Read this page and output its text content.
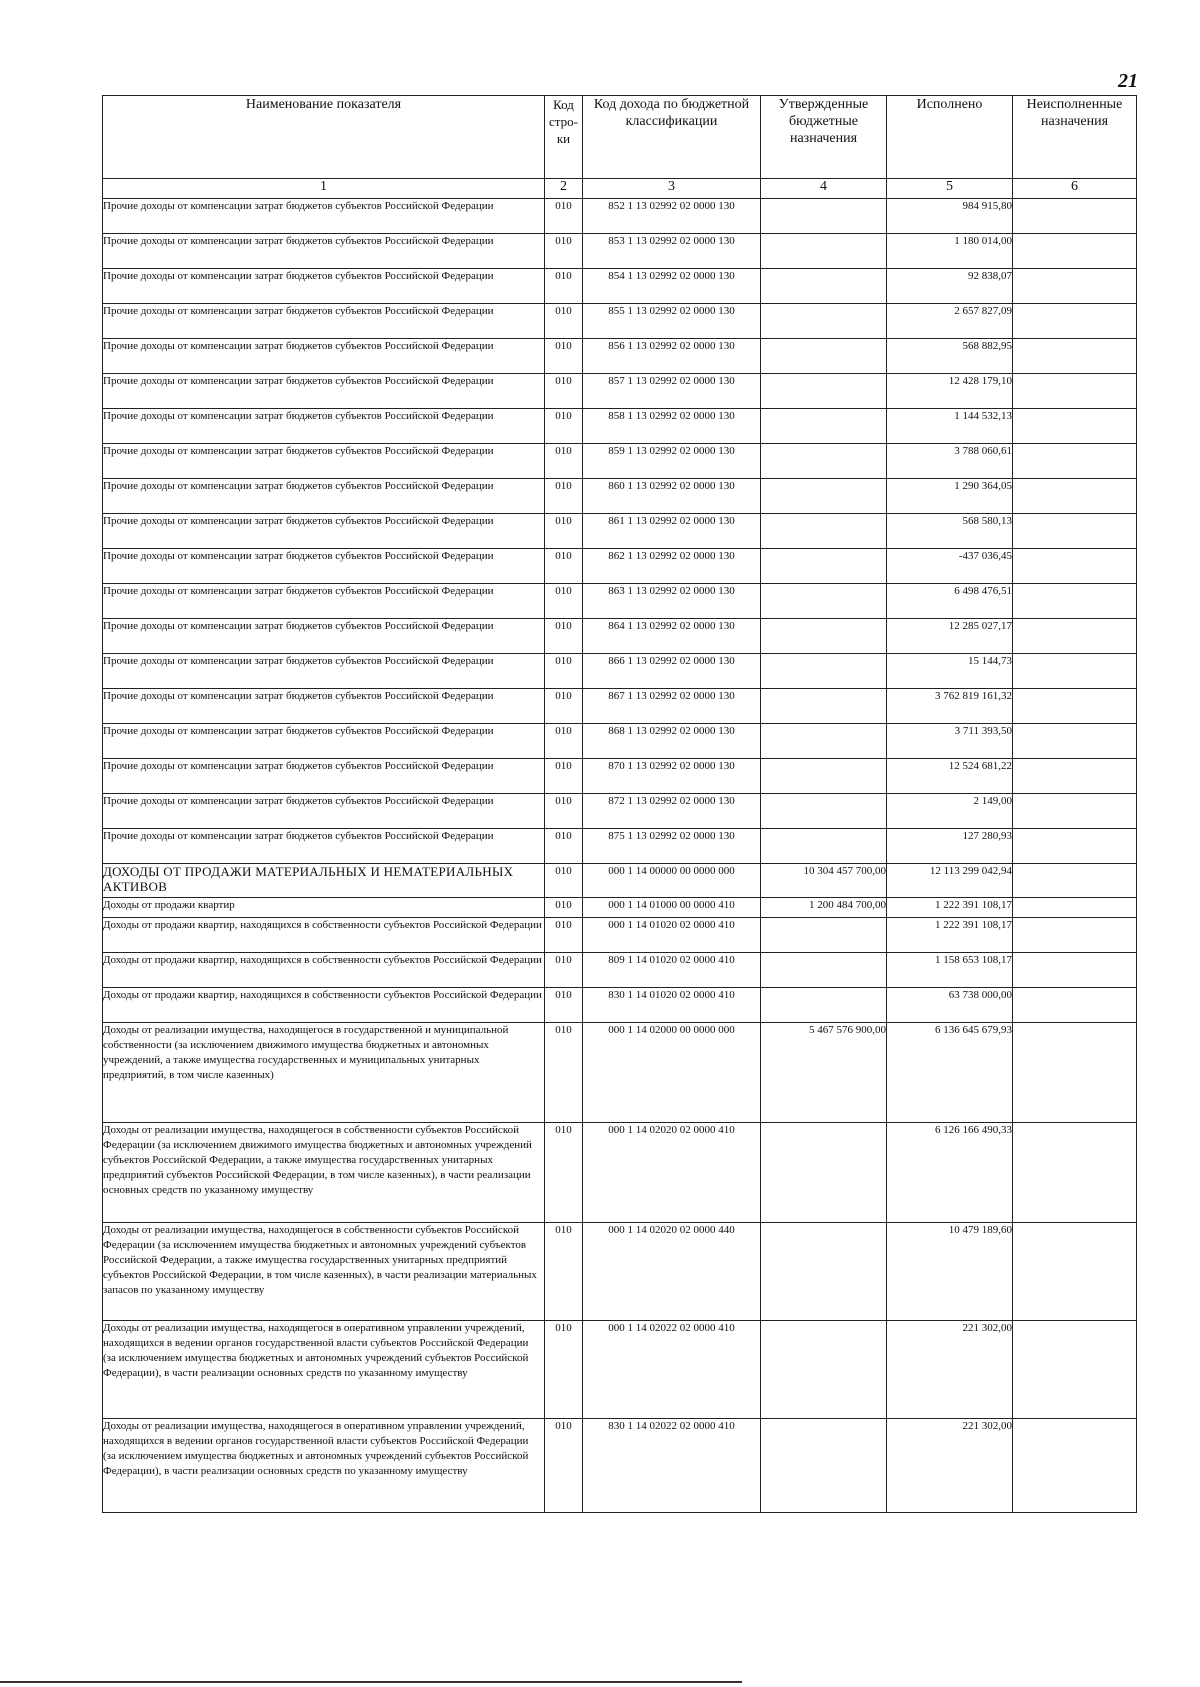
21
Наименование показателя	Код стро-ки	Код дохода по бюджетной классификации	Утвержденные бюджетные назначения	Исполнено	Неисполненные назначения
1	2	3	4	5	6
Прочие доходы от компенсации затрат бюджетов субъектов Российской Федерации	010	852 1 13 02992 02 0000 130		984 915,80	
Прочие доходы от компенсации затрат бюджетов субъектов Российской Федерации	010	853 1 13 02992 02 0000 130		1 180 014,00	
Прочие доходы от компенсации затрат бюджетов субъектов Российской Федерации	010	854 1 13 02992 02 0000 130		92 838,07	
Прочие доходы от компенсации затрат бюджетов субъектов Российской Федерации	010	855 1 13 02992 02 0000 130		2 657 827,09	
Прочие доходы от компенсации затрат бюджетов субъектов Российской Федерации	010	856 1 13 02992 02 0000 130		568 882,95	
Прочие доходы от компенсации затрат бюджетов субъектов Российской Федерации	010	857 1 13 02992 02 0000 130		12 428 179,10	
Прочие доходы от компенсации затрат бюджетов субъектов Российской Федерации	010	858 1 13 02992 02 0000 130		1 144 532,13	
Прочие доходы от компенсации затрат бюджетов субъектов Российской Федерации	010	859 1 13 02992 02 0000 130		3 788 060,61	
Прочие доходы от компенсации затрат бюджетов субъектов Российской Федерации	010	860 1 13 02992 02 0000 130		1 290 364,05	
Прочие доходы от компенсации затрат бюджетов субъектов Российской Федерации	010	861 1 13 02992 02 0000 130		568 580,13	
Прочие доходы от компенсации затрат бюджетов субъектов Российской Федерации	010	862 1 13 02992 02 0000 130		-437 036,45	
Прочие доходы от компенсации затрат бюджетов субъектов Российской Федерации	010	863 1 13 02992 02 0000 130		6 498 476,51	
Прочие доходы от компенсации затрат бюджетов субъектов Российской Федерации	010	864 1 13 02992 02 0000 130		12 285 027,17	
Прочие доходы от компенсации затрат бюджетов субъектов Российской Федерации	010	866 1 13 02992 02 0000 130		15 144,73	
Прочие доходы от компенсации затрат бюджетов субъектов Российской Федерации	010	867 1 13 02992 02 0000 130		3 762 819 161,32	
Прочие доходы от компенсации затрат бюджетов субъектов Российской Федерации	010	868 1 13 02992 02 0000 130		3 711 393,50	
Прочие доходы от компенсации затрат бюджетов субъектов Российской Федерации	010	870 1 13 02992 02 0000 130		12 524 681,22	
Прочие доходы от компенсации затрат бюджетов субъектов Российской Федерации	010	872 1 13 02992 02 0000 130		2 149,00	
Прочие доходы от компенсации затрат бюджетов субъектов Российской Федерации	010	875 1 13 02992 02 0000 130		127 280,93	
ДОХОДЫ ОТ ПРОДАЖИ МАТЕРИАЛЬНЫХ И НЕМАТЕРИАЛЬНЫХ АКТИВОВ	010	000 1 14 00000 00 0000 000	10 304 457 700,00	12 113 299 042,94	
Доходы от продажи квартир	010	000 1 14 01000 00 0000 410	1 200 484 700,00	1 222 391 108,17	
Доходы от продажи квартир, находящихся в собственности субъектов Российской Федерации	010	000 1 14 01020 02 0000 410		1 222 391 108,17	
Доходы от продажи квартир, находящихся в собственности субъектов Российской Федерации	010	809 1 14 01020 02 0000 410		1 158 653 108,17	
Доходы от продажи квартир, находящихся в собственности субъектов Российской Федерации	010	830 1 14 01020 02 0000 410		63 738 000,00	
Доходы от реализации имущества, находящегося в государственной и муниципальной собственности (за исключением движимого имущества бюджетных и автономных учреждений, а также имущества государственных и муниципальных унитарных предприятий, в том числе казенных)	010	000 1 14 02000 00 0000 000	5 467 576 900,00	6 136 645 679,93	
Доходы от реализации имущества, находящегося в собственности субъектов Российской Федерации (за исключением движимого имущества бюджетных и автономных учреждений субъектов Российской Федерации, а также имущества государственных унитарных предприятий субъектов Российской Федерации, в том числе казенных), в части реализации основных средств по указанному имуществу	010	000 1 14 02020 02 0000 410		6 126 166 490,33	
Доходы от реализации имущества, находящегося в собственности субъектов Российской Федерации (за исключением имущества бюджетных и автономных учреждений субъектов Российской Федерации, а также имущества государственных унитарных предприятий субъектов Российской Федерации, в том числе казенных), в части реализации материальных запасов по указанному имуществу	010	000 1 14 02020 02 0000 440		10 479 189,60	
Доходы от реализации имущества, находящегося в оперативном управлении учреждений, находящихся в ведении органов государственной власти субъектов Российской Федерации (за исключением имущества бюджетных и автономных учреждений субъектов Российской Федерации), в части реализации основных средств по указанному имуществу	010	000 1 14 02022 02 0000 410		221 302,00	
Доходы от реализации имущества, находящегося в оперативном управлении учреждений, находящихся в ведении органов государственной власти субъектов Российской Федерации (за исключением имущества бюджетных и автономных учреждений субъектов Российской Федерации), в части реализации основных средств по указанному имуществу	010	830 1 14 02022 02 0000 410		221 302,00	
